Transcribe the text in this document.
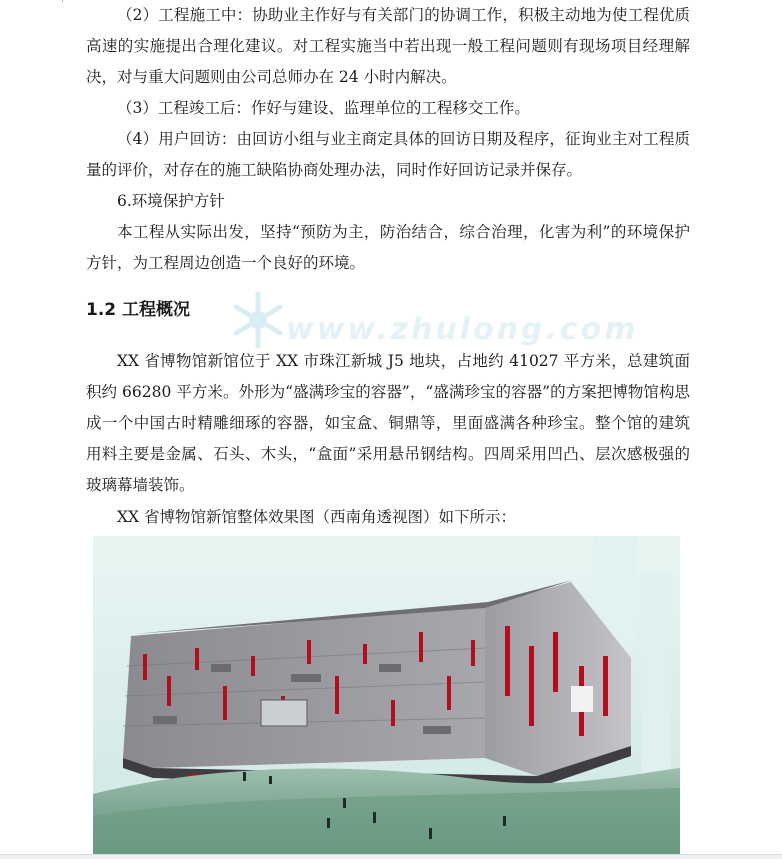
（2）工程施工中：协助业主作好与有关部门的协调工作，积极主动地为使工程优质高速的实施提出合理化建议。对工程实施当中若出现一般工程问题则有现场项目经理解决，对与重大问题则由公司总师办在 24 小时内解决。

（3）工程竣工后：作好与建设、监理单位的工程移交工作。

（4）用户回访：由回访小组与业主商定具体的回访日期及程序，征询业主对工程质量的评价，对存在的施工缺陷协商处理办法，同时作好回访记录并保存。

6.环境保护方针

本工程从实际出发，坚持“预防为主，防治结合，综合治理，化害为利”的环境保护方针，为工程周边创造一个良好的环境。

www.zhulong.com
1.2 工程概况

XX 省博物馆新馆位于 XX 市珠江新城 J5 地块，占地约 41027 平方米，总建筑面积约 66280 平方米。外形为“盛满珍宝的容器”，“盛满珍宝的容器”的方案把博物馆构思成一个中国古时精雕细琢的容器，如宝盒、铜鼎等，里面盛满各种珍宝。整个馆的建筑用料主要是金属、石头、木头，“盒面”采用悬吊钢结构。四周采用凹凸、层次感极强的玻璃幕墙装饰。

XX 省博物馆新馆整体效果图（西南角透视图）如下所示：
